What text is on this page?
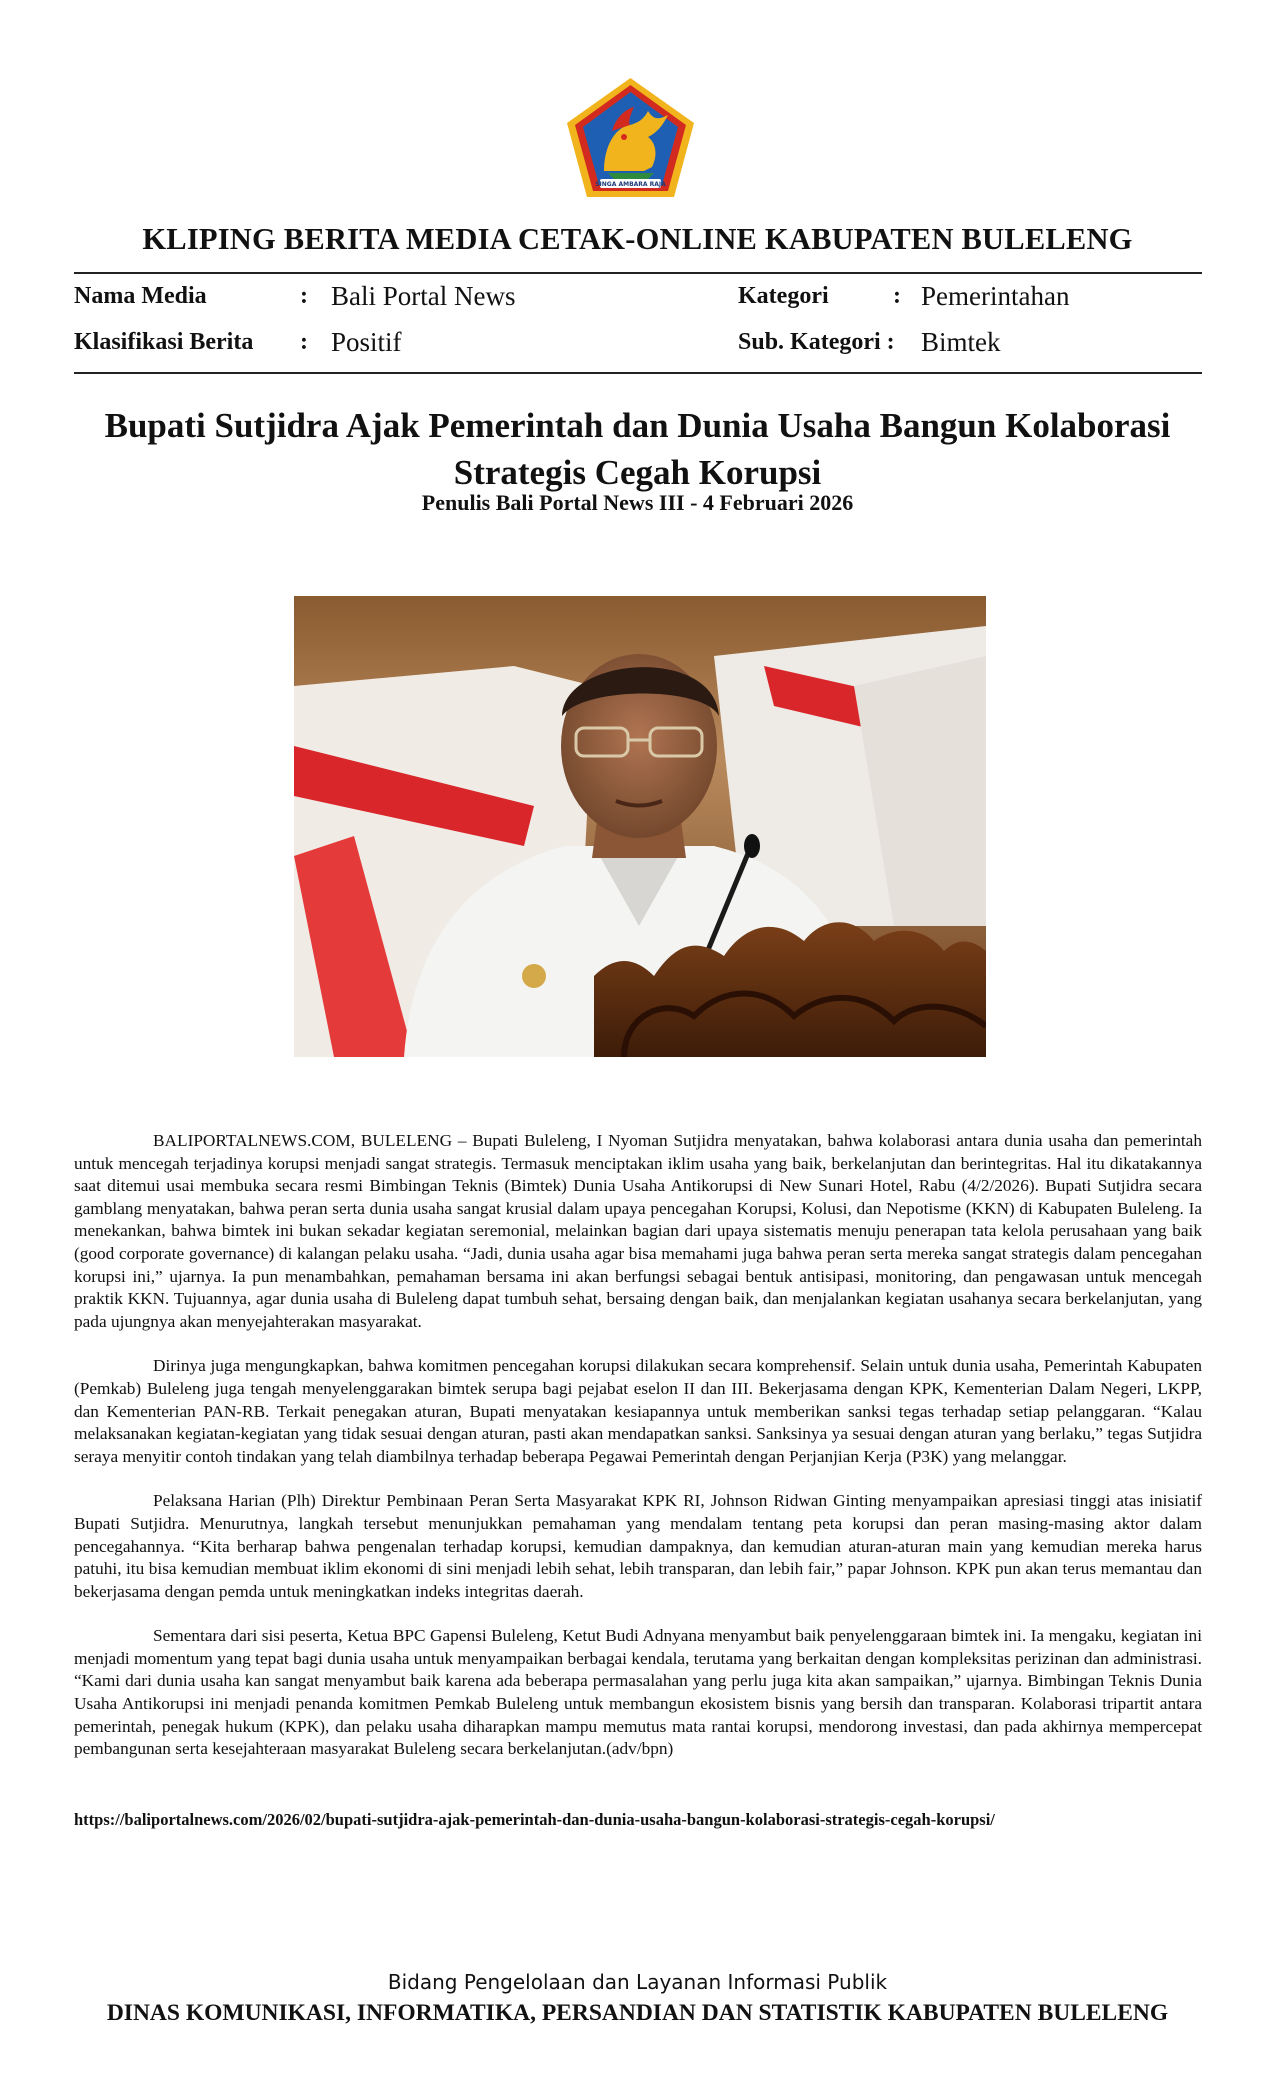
SINGA AMBARA RAJA
KLIPING BERITA MEDIA CETAK-ONLINE KABUPATEN BULELENG
Nama Media	: Bali Portal News
Klasifikasi Berita : Positif
Kategori	: Pemerintahan
Sub. Kategori : Bimtek
Bupati Sutjidra Ajak Pemerintah dan Dunia Usaha Bangun Kolaborasi
Strategis Cegah Korupsi
Penulis Bali Portal News III - 4 Februari 2026

BALIPORTALNEWS.COM, BULELENG – Bupati Buleleng, I Nyoman Sutjidra menyatakan, bahwa kolaborasi antara dunia usaha dan pemerintah untuk mencegah terjadinya korupsi menjadi sangat strategis. Termasuk menciptakan iklim usaha yang baik, berkelanjutan dan berintegritas. Hal itu dikatakannya saat ditemui usai membuka secara resmi Bimbingan Teknis (Bimtek) Dunia Usaha Antikorupsi di New Sunari Hotel, Rabu (4/2/2026). Bupati Sutjidra secara gamblang menyatakan, bahwa peran serta dunia usaha sangat krusial dalam upaya pencegahan Korupsi, Kolusi, dan Nepotisme (KKN) di Kabupaten Buleleng. Ia menekankan, bahwa bimtek ini bukan sekadar kegiatan seremonial, melainkan bagian dari upaya sistematis menuju penerapan tata kelola perusahaan yang baik (good corporate governance) di kalangan pelaku usaha. “Jadi, dunia usaha agar bisa memahami juga bahwa peran serta mereka sangat strategis dalam pencegahan korupsi ini,” ujarnya. Ia pun menambahkan, pemahaman bersama ini akan berfungsi sebagai bentuk antisipasi, monitoring, dan pengawasan untuk mencegah praktik KKN. Tujuannya, agar dunia usaha di Buleleng dapat tumbuh sehat, bersaing dengan baik, dan menjalankan kegiatan usahanya secara berkelanjutan, yang pada ujungnya akan menyejahterakan masyarakat.

Dirinya juga mengungkapkan, bahwa komitmen pencegahan korupsi dilakukan secara komprehensif. Selain untuk dunia usaha, Pemerintah Kabupaten (Pemkab) Buleleng juga tengah menyelenggarakan bimtek serupa bagi pejabat eselon II dan III. Bekerjasama dengan KPK, Kementerian Dalam Negeri, LKPP, dan Kementerian PAN-RB. Terkait penegakan aturan, Bupati menyatakan kesiapannya untuk memberikan sanksi tegas terhadap setiap pelanggaran. “Kalau melaksanakan kegiatan-kegiatan yang tidak sesuai dengan aturan, pasti akan mendapatkan sanksi. Sanksinya ya sesuai dengan aturan yang berlaku,” tegas Sutjidra seraya menyitir contoh tindakan yang telah diambilnya terhadap beberapa Pegawai Pemerintah dengan Perjanjian Kerja (P3K) yang melanggar.

Pelaksana Harian (Plh) Direktur Pembinaan Peran Serta Masyarakat KPK RI, Johnson Ridwan Ginting menyampaikan apresiasi tinggi atas inisiatif Bupati Sutjidra. Menurutnya, langkah tersebut menunjukkan pemahaman yang mendalam tentang peta korupsi dan peran masing-masing aktor dalam pencegahannya. “Kita berharap bahwa pengenalan terhadap korupsi, kemudian dampaknya, dan kemudian aturan-aturan main yang kemudian mereka harus patuhi, itu bisa kemudian membuat iklim ekonomi di sini menjadi lebih sehat, lebih transparan, dan lebih fair,” papar Johnson. KPK pun akan terus memantau dan bekerjasama dengan pemda untuk meningkatkan indeks integritas daerah.

Sementara dari sisi peserta, Ketua BPC Gapensi Buleleng, Ketut Budi Adnyana menyambut baik penyelenggaraan bimtek ini. Ia mengaku, kegiatan ini menjadi momentum yang tepat bagi dunia usaha untuk menyampaikan berbagai kendala, terutama yang berkaitan dengan kompleksitas perizinan dan administrasi. “Kami dari dunia usaha kan sangat menyambut baik karena ada beberapa permasalahan yang perlu juga kita akan sampaikan,” ujarnya. Bimbingan Teknis Dunia Usaha Antikorupsi ini menjadi penanda komitmen Pemkab Buleleng untuk membangun ekosistem bisnis yang bersih dan transparan. Kolaborasi tripartit antara pemerintah, penegak hukum (KPK), dan pelaku usaha diharapkan mampu memutus mata rantai korupsi, mendorong investasi, dan pada akhirnya mempercepat pembangunan serta kesejahteraan masyarakat Buleleng secara berkelanjutan.(adv/bpn)

https://baliportalnews.com/2026/02/bupati-sutjidra-ajak-pemerintah-dan-dunia-usaha-bangun-kolaborasi-strategis-cegah-korupsi/
Bidang Pengelolaan dan Layanan Informasi Publik
DINAS KOMUNIKASI, INFORMATIKA, PERSANDIAN DAN STATISTIK KABUPATEN BULELENG
